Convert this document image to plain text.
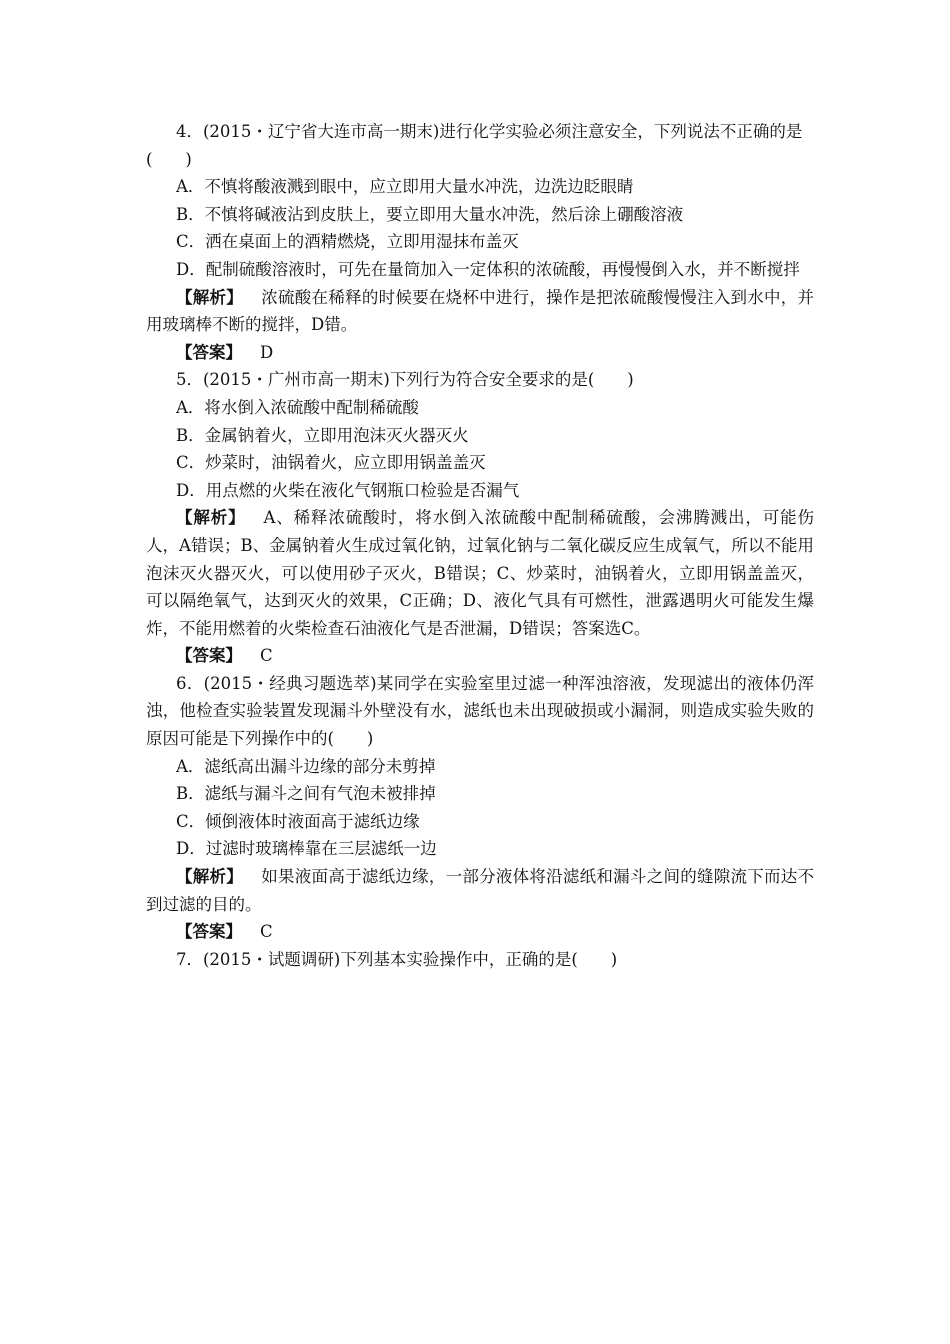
4．(2015・辽宁省大连市高一期末)进行化学实验必须注意安全，下列说法不正确的是
(　　)
A．不慎将酸液溅到眼中，应立即用大量水冲洗，边洗边眨眼睛
B．不慎将碱液沾到皮肤上，要立即用大量水冲洗，然后涂上硼酸溶液
C．洒在桌面上的酒精燃烧，立即用湿抹布盖灭
D．配制硫酸溶液时，可先在量筒加入一定体积的浓硫酸，再慢慢倒入水，并不断搅拌
【解析】 浓硫酸在稀释的时候要在烧杯中进行，操作是把浓硫酸慢慢注入到水中，并用玻璃棒不断的搅拌，D错。
【答案】 D
5．(2015・广州市高一期末)下列行为符合安全要求的是(　　)
A．将水倒入浓硫酸中配制稀硫酸
B．金属钠着火，立即用泡沫灭火器灭火
C．炒菜时，油锅着火，应立即用锅盖盖灭
D．用点燃的火柴在液化气钢瓶口检验是否漏气
【解析】 A、稀释浓硫酸时，将水倒入浓硫酸中配制稀硫酸，会沸腾溅出，可能伤人，A错误；B、金属钠着火生成过氧化钠，过氧化钠与二氧化碳反应生成氧气，所以不能用泡沫灭火器灭火，可以使用砂子灭火，B错误；C、炒菜时，油锅着火，立即用锅盖盖灭，可以隔绝氧气，达到灭火的效果，C正确；D、液化气具有可燃性，泄露遇明火可能发生爆炸，不能用燃着的火柴检查石油液化气是否泄漏，D错误；答案选C。
【答案】 C
6．(2015・经典习题选萃)某同学在实验室里过滤一种浑浊溶液，发现滤出的液体仍浑浊，他检查实验装置发现漏斗外壁没有水，滤纸也未出现破损或小漏洞，则造成实验失败的原因可能是下列操作中的(　　)
A．滤纸高出漏斗边缘的部分未剪掉
B．滤纸与漏斗之间有气泡未被排掉
C．倾倒液体时液面高于滤纸边缘
D．过滤时玻璃棒靠在三层滤纸一边
【解析】 如果液面高于滤纸边缘，一部分液体将沿滤纸和漏斗之间的缝隙流下而达不到过滤的目的。
【答案】 C
7．(2015・试题调研)下列基本实验操作中，正确的是(　　)
